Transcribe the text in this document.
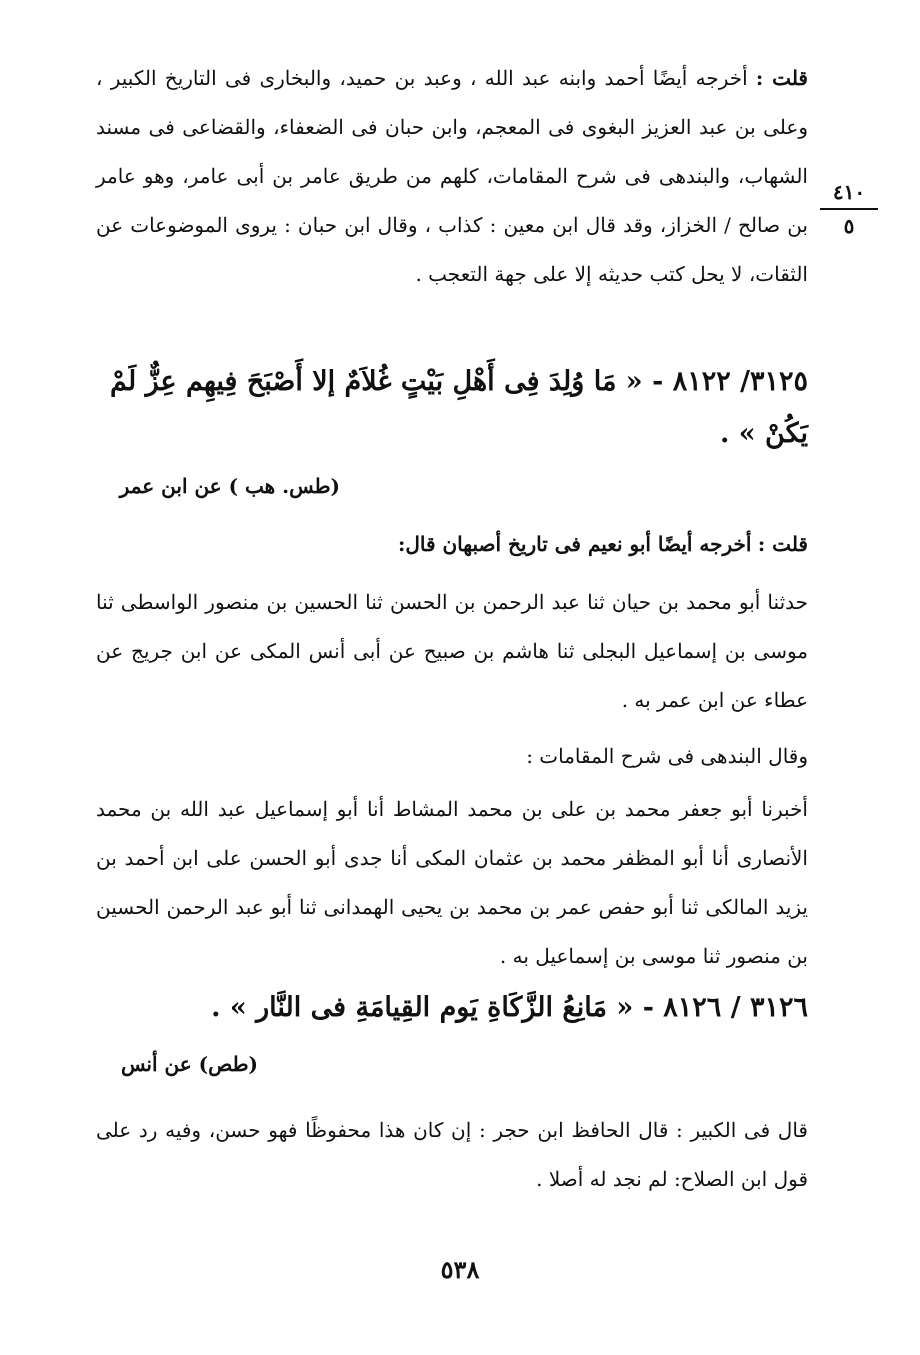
قلت : أخرجه أيضًا أحمد وابنه عبد الله ، وعبد بن حميد، والبخارى فى التاريخ الكبير ، وعلى بن عبد العزيز البغوى فى المعجم، وابن حبان فى الضعفاء، والقضاعى فى مسند الشهاب، والبندهى فى شرح المقامات، كلهم من طريق عامر بن أبى عامر، وهو عامر بن صالح / الخزاز، وقد قال ابن معين : كذاب ، وقال ابن حبان : يروى الموضوعات عن الثقات، لا يحل كتب حديثه إلا على جهة التعجب .

٤١٠
٥
٣١٢٥/ ٨١٢٢ - « مَا وُلِدَ فِى أَهْلِ بَيْتٍ غُلاَمٌ إلا أَصْبَحَ فِيهِم عِزٌّ لَمْ يَكُنْ » .
(طس. هب ) عن ابن عمر

قلت : أخرجه أيضًا أبو نعيم فى تاريخ أصبهان قال:

حدثنا أبو محمد بن حيان ثنا عبد الرحمن بن الحسن ثنا الحسين بن منصور الواسطى ثنا موسى بن إسماعيل البجلى ثنا هاشم بن صبيح عن أبى أنس المكى عن ابن جريج عن عطاء عن ابن عمر به .

وقال البندهى فى شرح المقامات :

أخبرنا أبو جعفر محمد بن على بن محمد المشاط أنا أبو إسماعيل عبد الله بن محمد الأنصارى أنا أبو المظفر محمد بن عثمان المكى أنا جدى أبو الحسن على ابن أحمد بن يزيد المالكى ثنا أبو حفص عمر بن محمد بن يحيى الهمدانى ثنا أبو عبد الرحمن الحسين بن منصور ثنا موسى بن إسماعيل به .

٣١٢٦ / ٨١٢٦ - « مَانِعُ الزَّكَاةِ يَوم القِيامَةِ فى النَّار » .
(طص) عن أنس

قال فى الكبير : قال الحافظ ابن حجر : إن كان هذا محفوظًا فهو حسن، وفيه رد على قول ابن الصلاح: لم نجد له أصلا .

٥٣٨
